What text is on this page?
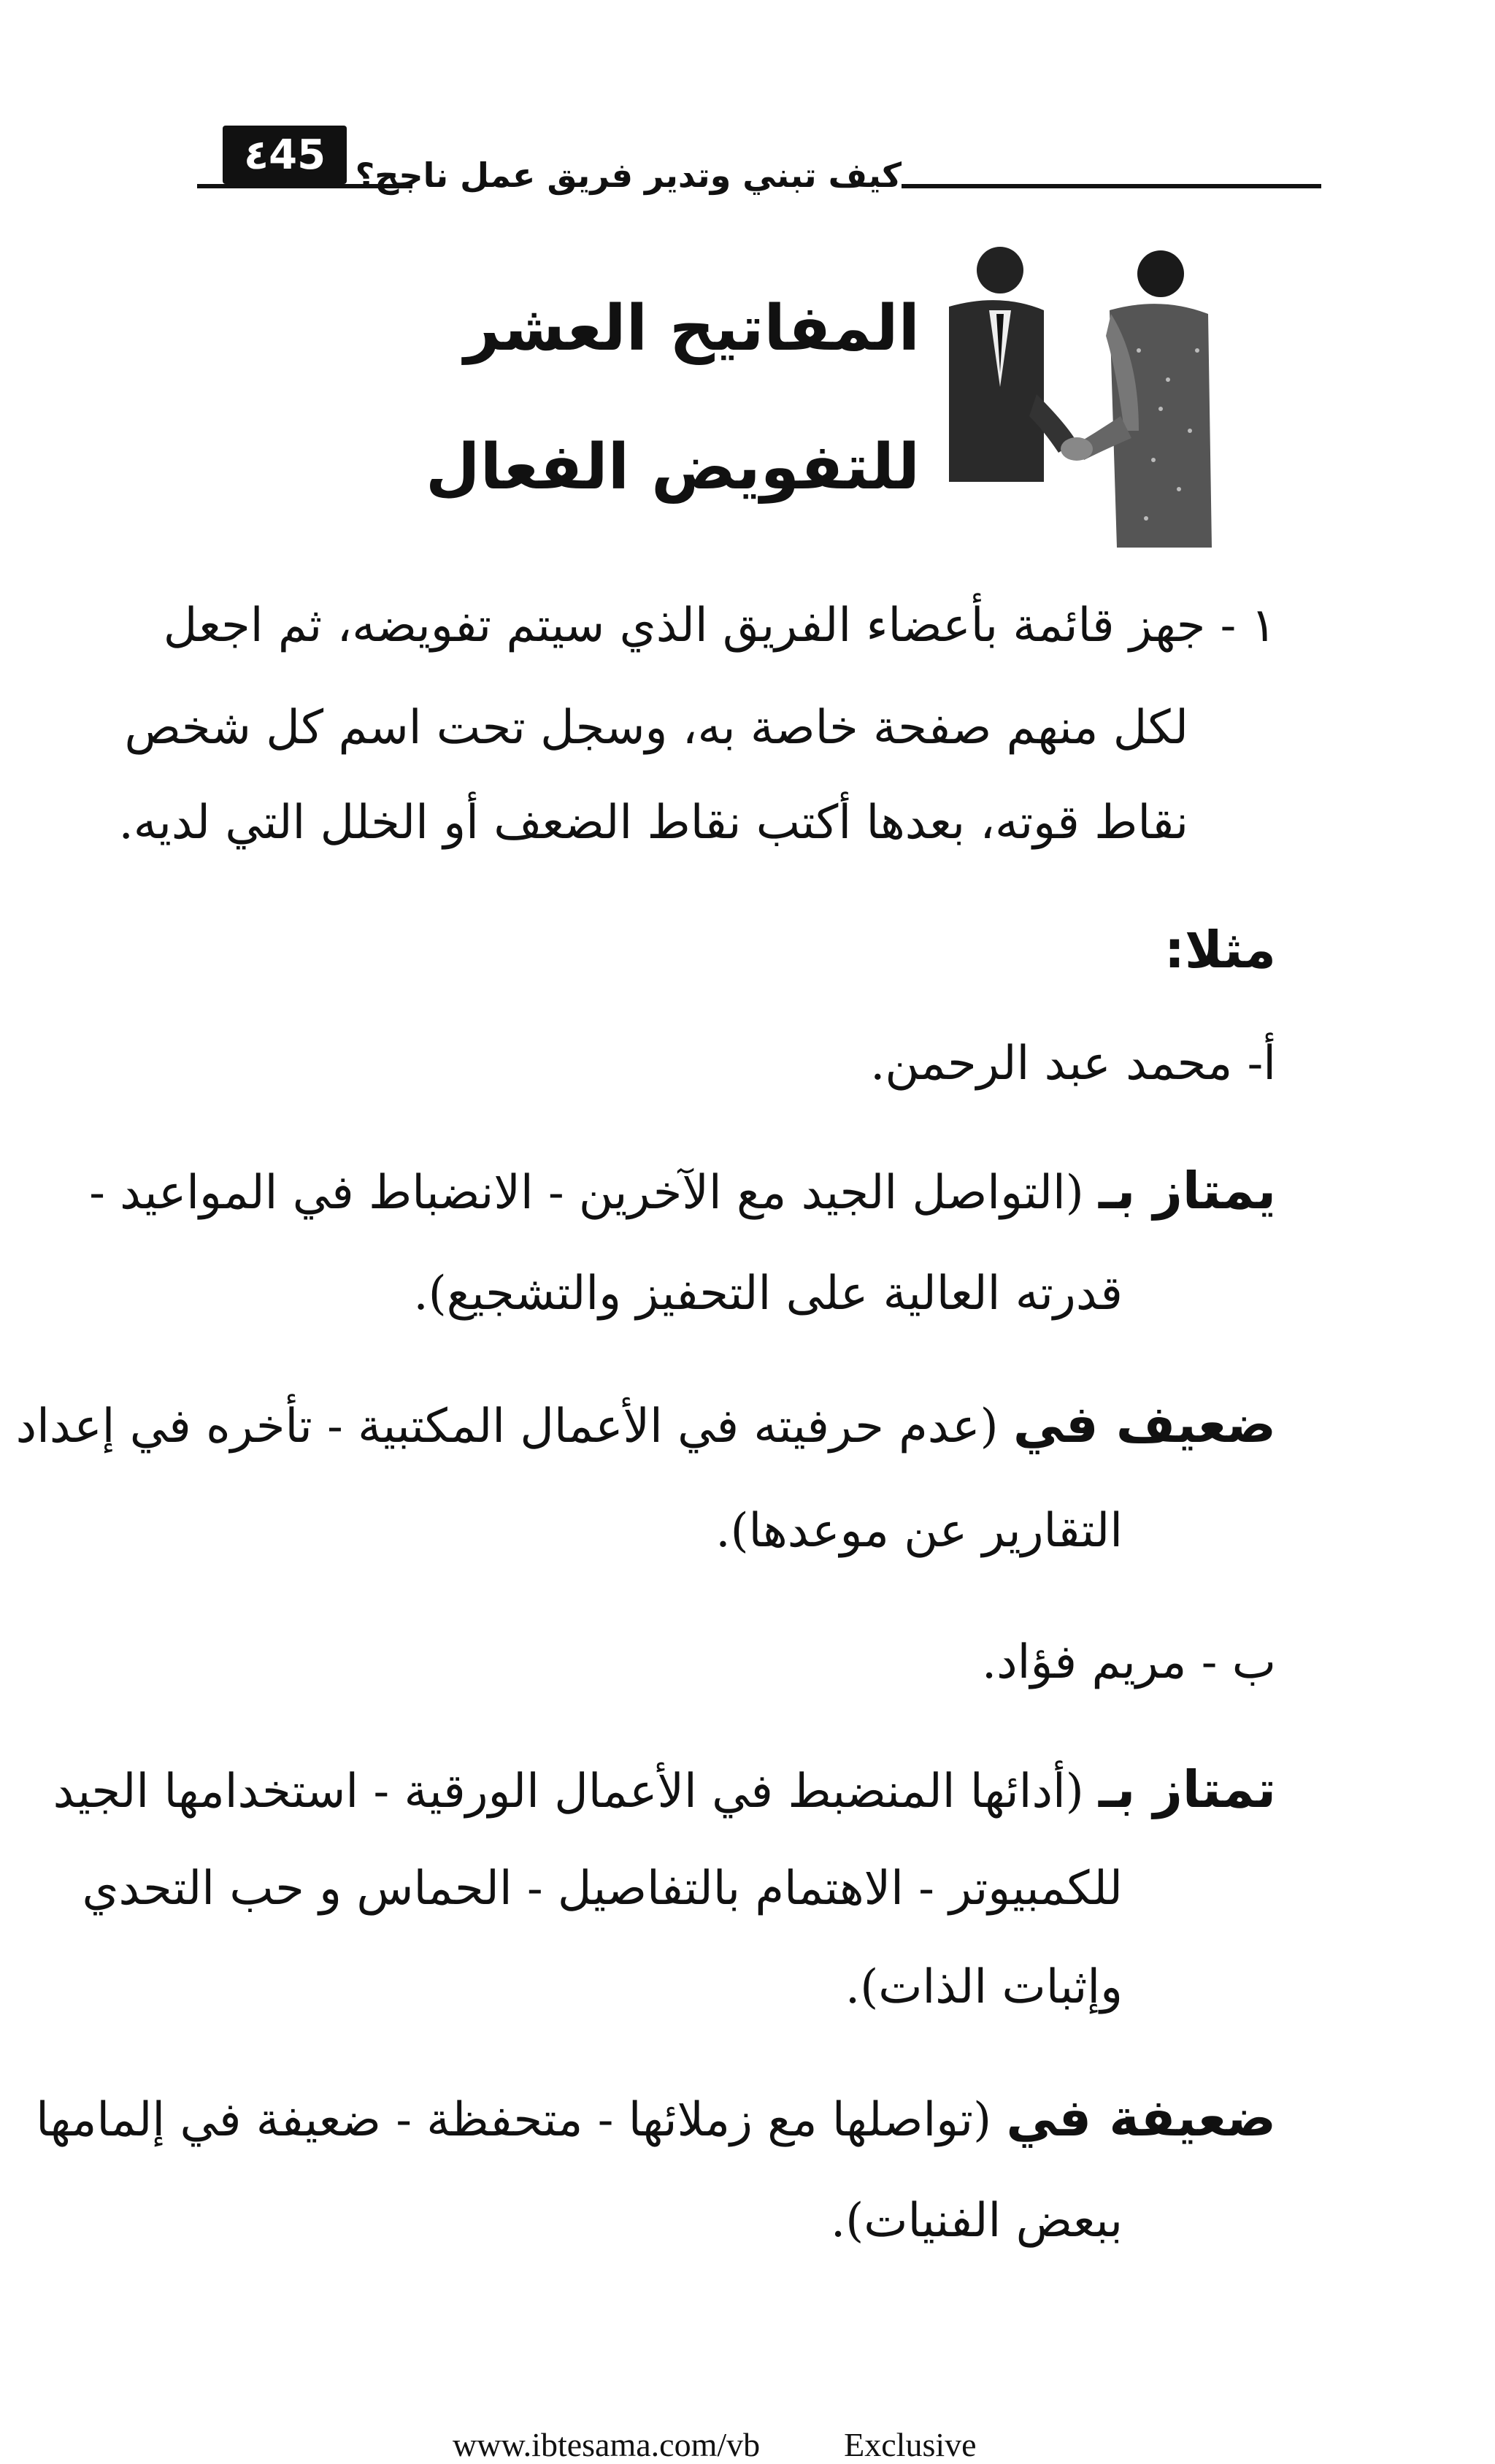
٤45 كيف تبني وتدير فريق عمل ناجح؟
المفاتيح العشر
للتفويض الفعال
١ - جهز قائمة بأعضاء الفريق الذي سيتم تفويضه، ثم اجعل
لكل منهم صفحة خاصة به، وسجل تحت اسم كل شخص
نقاط قوته، بعدها أكتب نقاط الضعف أو الخلل التي لديه.
مثلا:
أ- محمد عبد الرحمن.
يمتاز بـ (التواصل الجيد مع الآخرين - الانضباط في المواعيد -
قدرته العالية على التحفيز والتشجيع).
ضعيف في (عدم حرفيته في الأعمال المكتبية - تأخره في إعداد
التقارير عن موعدها).
ب - مريم فؤاد.
تمتاز بـ (أدائها المنضبط في الأعمال الورقية - استخدامها الجيد
للكمبيوتر - الاهتمام بالتفاصيل - الحماس و حب التحدي
وإثبات الذات).
ضعيفة في (تواصلها مع زملائها - متحفظة - ضعيفة في إلمامها
ببعض الفنيات).
www.ibtesama.com/vb	Exclusive
